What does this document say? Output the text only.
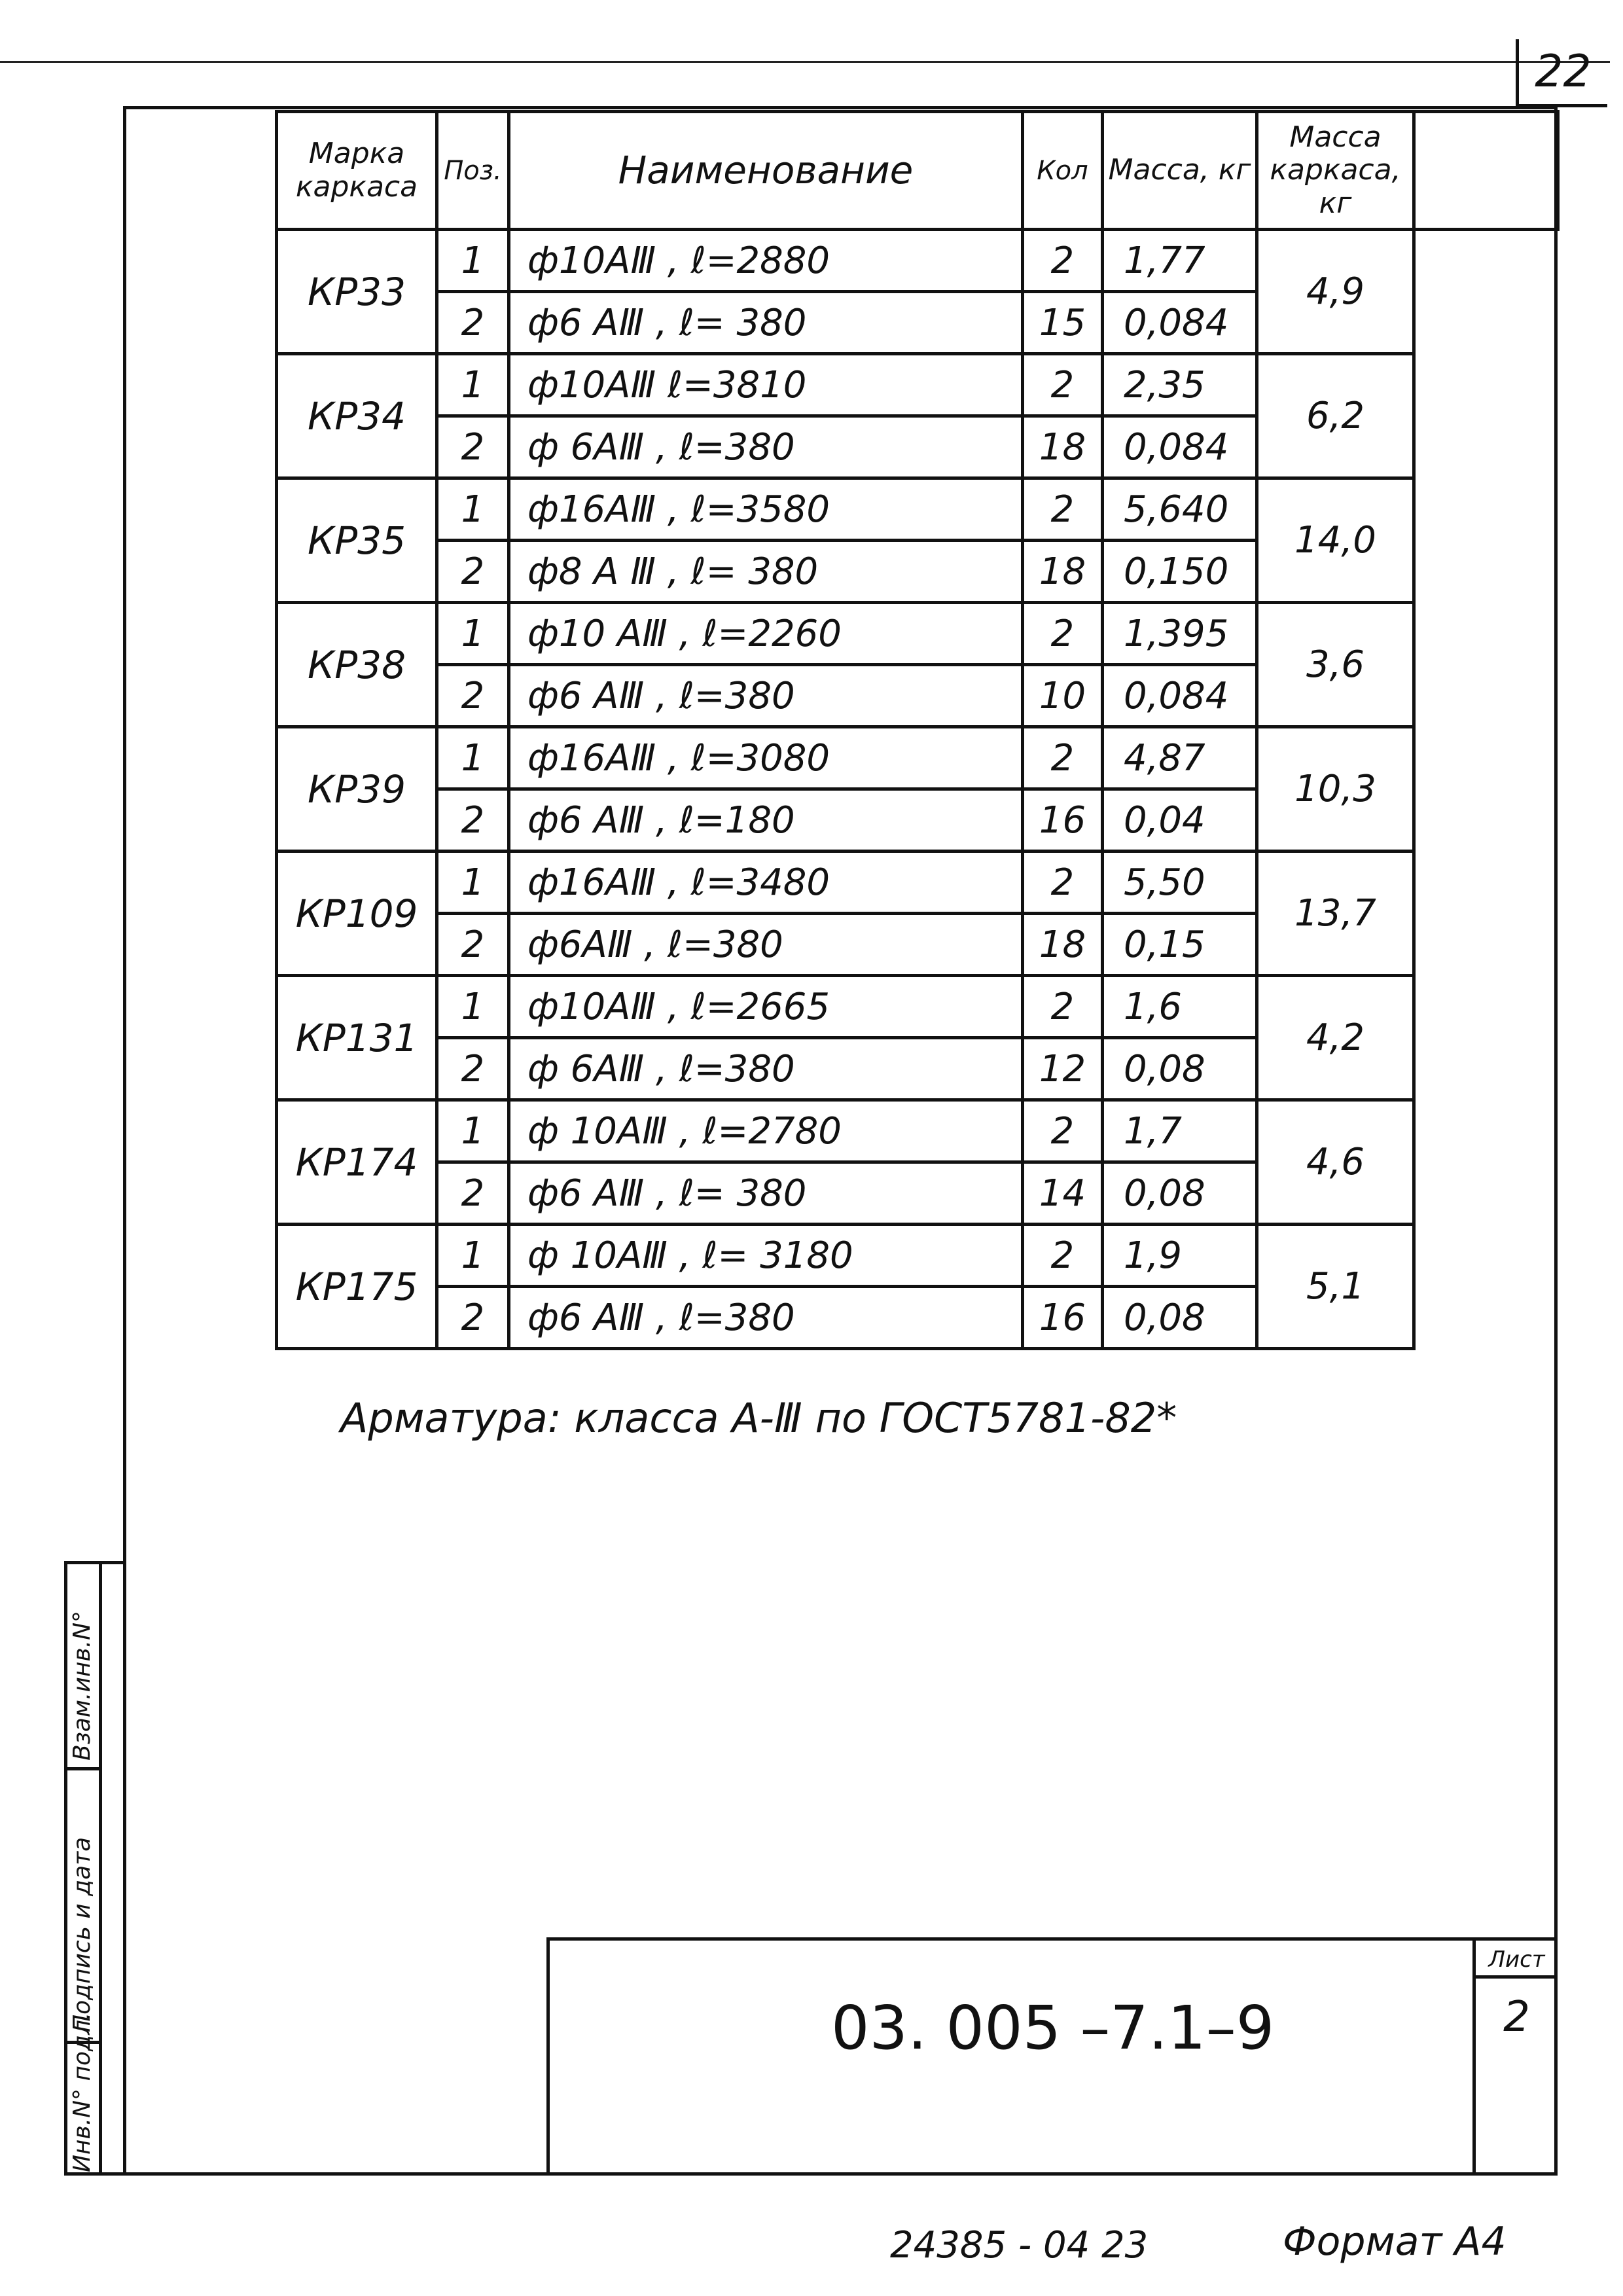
22
Марка каркаса	Поз.	Наименование	Кол	Масса, кг	Масса каркаса, кг	
КР33	1	ф10АⅢ , ℓ=2880	2	1,77	4,9	
	2	ф6 АⅢ , ℓ= 380	15	0,084		
КР34	1	ф10АⅢ ℓ=3810	2	2,35	6,2	
	2	ф 6АⅢ , ℓ=380	18	0,084		
КР35	1	ф16АⅢ , ℓ=3580	2	5,640	14,0	
	2	ф8 А Ⅲ , ℓ= 380	18	0,150		
КР38	1	ф10 АⅢ , ℓ=2260	2	1,395	3,6	
	2	ф6 АⅢ , ℓ=380	10	0,084		
КР39	1	ф16АⅢ , ℓ=3080	2	4,87	10,3	
	2	ф6 АⅢ , ℓ=180	16	0,04		
КР109	1	ф16АⅢ , ℓ=3480	2	5,50	13,7	
	2	ф6АⅢ , ℓ=380	18	0,15		
КР131	1	ф10АⅢ , ℓ=2665	2	1,6	4,2	
	2	ф 6АⅢ , ℓ=380	12	0,08		
КР174	1	ф 10АⅢ , ℓ=2780	2	1,7	4,6	
	2	ф6 АⅢ , ℓ= 380	14	0,08		
КР175	1	ф 10АⅢ , ℓ= 3180	2	1,9	5,1	
	2	ф6 АⅢ , ℓ=380	16	0,08		
Арматура: класса А-Ⅲ по ГОСТ5781-82*
Взам.инв.N°
Подпись и дата
Инв.N° подл.	03. 005 –7.1–9
Лист
2
24385 - 04 23	Формат А4
